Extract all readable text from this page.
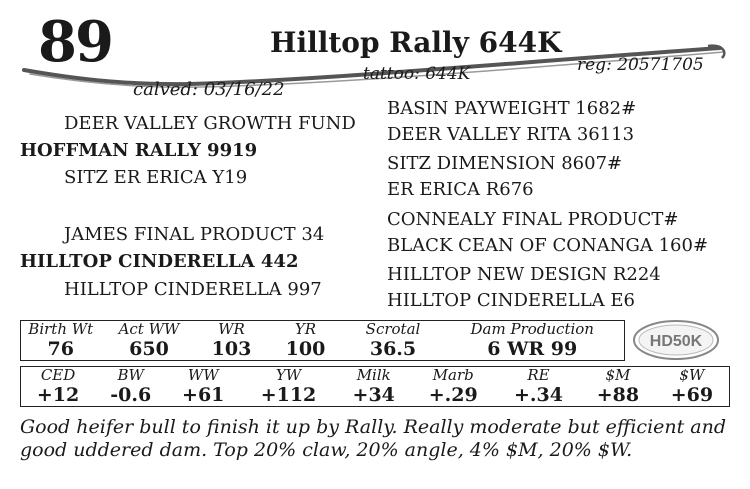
89	Hilltop Rally 644K
tattoo: 644K	reg: 20571705
calved: 03/16/22
DEER VALLEY GROWTH FUND
HOFFMAN RALLY 9919
SITZ ER ERICA Y19
JAMES FINAL PRODUCT 34
HILLTOP CINDERELLA 442
HILLTOP CINDERELLA 997
BASIN PAYWEIGHT 1682#
DEER VALLEY RITA 36113
SITZ DIMENSION 8607#
ER ERICA R676
CONNEALY FINAL PRODUCT#
BLACK CEAN OF CONANGA 160#
HILLTOP NEW DESIGN R224
HILLTOP CINDERELLA E6
Birth Wt	Act WW	WR	YR	Scrotal	Dam Production
76	650	103	100	36.5	6 WR 99	HD50K
CED	BW	WW	YW	Milk	Marb	RE	$M	$W
+12	-0.6	+61	+112	+34	+.29	+.34	+88	+69
Good heifer bull to finish it up by Rally. Really moderate but efficient and good uddered dam. Top 20% claw, 20% angle, 4% $M, 20% $W.
